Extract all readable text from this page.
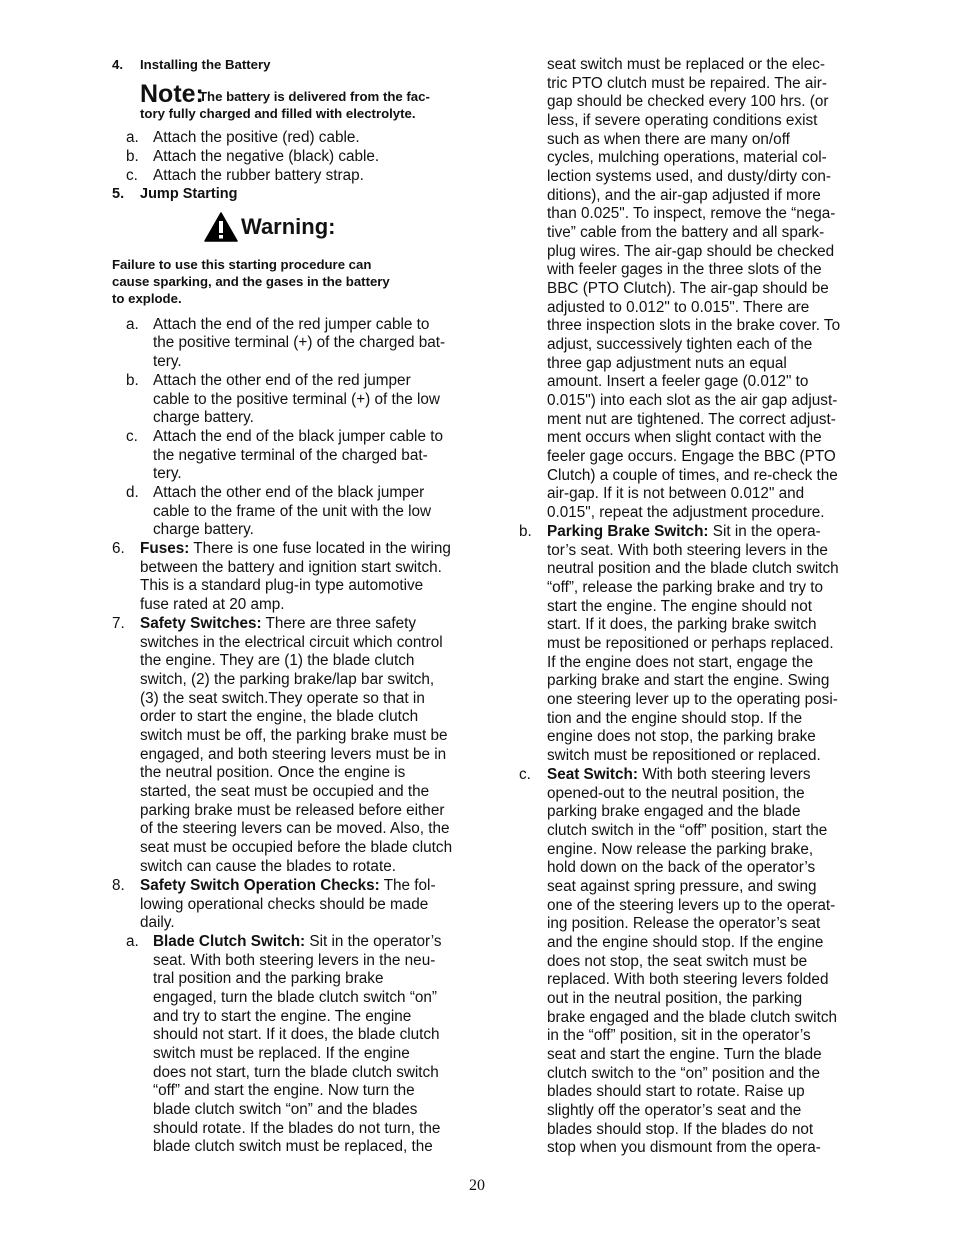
4. Installing the Battery
Note:
The battery is delivered from the fac-
tory fully charged and filled with electrolyte.
a. Attach the positive (red) cable.
b. Attach the negative (black) cable.
c. Attach the rubber battery strap.
5. Jump Starting
Warning:
Failure to use this starting procedure can
cause sparking, and the gases in the battery
to explode.
a. Attach the end of the red jumper cable to
the positive terminal (+) of the charged bat-
tery.
b. Attach the other end of the red jumper
cable to the positive terminal (+) of the low
charge battery.
c. Attach the end of the black jumper cable to
the negative terminal of the charged bat-
tery.
d. Attach the other end of the black jumper
cable to the frame of the unit with the low
charge battery.
6. Fuses: There is one fuse located in the wiring
between the battery and ignition start switch.
This is a standard plug-in type automotive
fuse rated at 20 amp.
7. Safety Switches: There are three safety
switches in the electrical circuit which control
the engine. They are (1) the blade clutch
switch, (2) the parking brake/lap bar switch,
(3) the seat switch.They operate so that in
order to start the engine, the blade clutch
switch must be off, the parking brake must be
engaged, and both steering levers must be in
the neutral position. Once the engine is
started, the seat must be occupied and the
parking brake must be released before either
of the steering levers can be moved. Also, the
seat must be occupied before the blade clutch
switch can cause the blades to rotate.
8. Safety Switch Operation Checks: The fol-
lowing operational checks should be made
daily.
a. Blade Clutch Switch: Sit in the operator’s
seat. With both steering levers in the neu-
tral position and the parking brake
engaged, turn the blade clutch switch “on”
and try to start the engine. The engine
should not start. If it does, the blade clutch
switch must be replaced. If the engine
does not start, turn the blade clutch switch
“off” and start the engine. Now turn the
blade clutch switch “on” and the blades
should rotate. If the blades do not turn, the
blade clutch switch must be replaced, the
seat switch must be replaced or the elec-
tric PTO clutch must be repaired. The air-
gap should be checked every 100 hrs. (or
less, if severe operating conditions exist
such as when there are many on/off
cycles, mulching operations, material col-
lection systems used, and dusty/dirty con-
ditions), and the air-gap adjusted if more
than 0.025". To inspect, remove the “nega-
tive” cable from the battery and all spark-
plug wires. The air-gap should be checked
with feeler gages in the three slots of the
BBC (PTO Clutch). The air-gap should be
adjusted to 0.012" to 0.015". There are
three inspection slots in the brake cover. To
adjust, successively tighten each of the
three gap adjustment nuts an equal
amount. Insert a feeler gage (0.012" to
0.015") into each slot as the air gap adjust-
ment nut are tightened. The correct adjust-
ment occurs when slight contact with the
feeler gage occurs. Engage the BBC (PTO
Clutch) a couple of times, and re-check the
air-gap. If it is not between 0.012" and
0.015", repeat the adjustment procedure.
b. Parking Brake Switch: Sit in the opera-
tor’s seat. With both steering levers in the
neutral position and the blade clutch switch
“off”, release the parking brake and try to
start the engine. The engine should not
start. If it does, the parking brake switch
must be repositioned or perhaps replaced.
If the engine does not start, engage the
parking brake and start the engine. Swing
one steering lever up to the operating posi-
tion and the engine should stop. If the
engine does not stop, the parking brake
switch must be repositioned or replaced.
c. Seat Switch: With both steering levers
opened-out to the neutral position, the
parking brake engaged and the blade
clutch switch in the “off” position, start the
engine. Now release the parking brake,
hold down on the back of the operator’s
seat against spring pressure, and swing
one of the steering levers up to the operat-
ing position. Release the operator’s seat
and the engine should stop. If the engine
does not stop, the seat switch must be
replaced. With both steering levers folded
out in the neutral position, the parking
brake engaged and the blade clutch switch
in the “off” position, sit in the operator’s
seat and start the engine. Turn the blade
clutch switch to the “on” position and the
blades should start to rotate. Raise up
slightly off the operator’s seat and the
blades should stop. If the blades do not
stop when you dismount from the opera-
20
